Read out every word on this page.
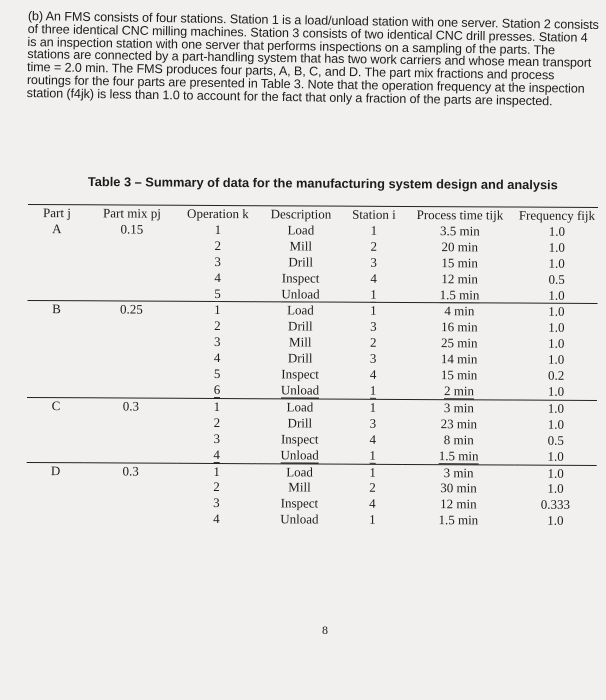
(b) An FMS consists of four stations. Station 1 is a load/unload station with one server. Station 2 consists of three identical CNC milling machines. Station 3 consists of two identical CNC drill presses. Station 4 is an inspection station with one server that performs inspections on a sampling of the parts. The stations are connected by a part-handling system that has two work carriers and whose mean transport time = 2.0 min. The FMS produces four parts, A, B, C, and D. The part mix fractions and process routings for the four parts are presented in Table 3. Note that the operation frequency at the inspection station (f4jk) is less than 1.0 to account for the fact that only a fraction of the parts are inspected.
Table 3 – Summary of data for the manufacturing system design and analysis
Part j	Part mix pj	Operation k	Description	Station i	Process time tijk	Frequency fijk
A	0.15	1	Load	1	3.5 min	1.0
		2	Mill	2	20 min	1.0
		3	Drill	3	15 min	1.0
		4	Inspect	4	12 min	0.5
		5	Unload	1	1.5 min	1.0
B	0.25	1	Load	1	4 min	1.0
		2	Drill	3	16 min	1.0
		3	Mill	2	25 min	1.0
		4	Drill	3	14 min	1.0
		5	Inspect	4	15 min	0.2
		6	Unload	1	2 min	1.0
C	0.3	1	Load	1	3 min	1.0
		2	Drill	3	23 min	1.0
		3	Inspect	4	8 min	0.5
		4	Unload	1	1.5 min	1.0
D	0.3	1	Load	1	3 min	1.0
		2	Mill	2	30 min	1.0
		3	Inspect	4	12 min	0.333
		4	Unload	1	1.5 min	1.0
8
